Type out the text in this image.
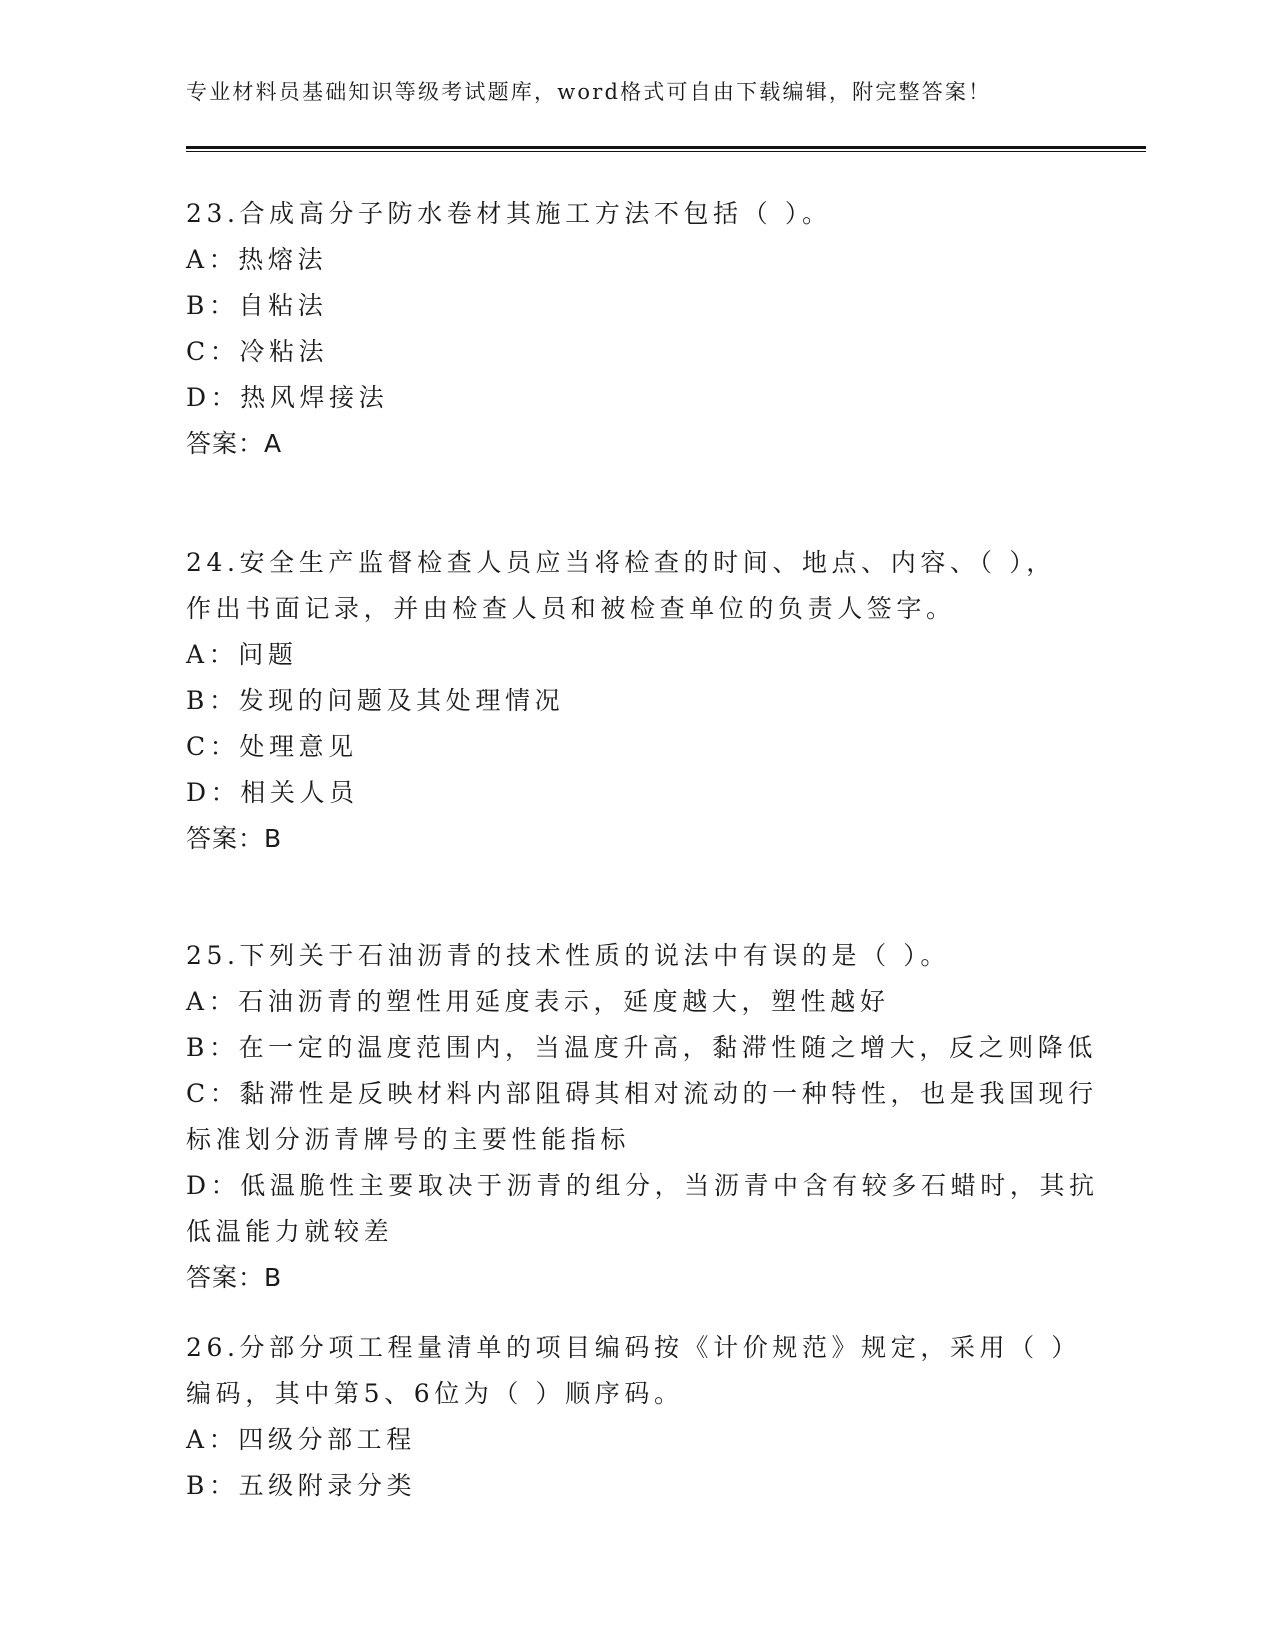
专业材料员基础知识等级考试题库，word格式可自由下载编辑，附完整答案！
23.合成高分子防水卷材其施工方法不包括（ ）。
A：热熔法
B：自粘法
C：冷粘法
D：热风焊接法
答案：A
24.安全生产监督检查人员应当将检查的时间、地点、内容、（ ），
作出书面记录，并由检查人员和被检查单位的负责人签字。
A：问题
B：发现的问题及其处理情况
C：处理意见
D：相关人员
答案：B
25.下列关于石油沥青的技术性质的说法中有误的是（ ）。
A：石油沥青的塑性用延度表示，延度越大，塑性越好
B：在一定的温度范围内，当温度升高，黏滞性随之增大，反之则降低
C：黏滞性是反映材料内部阻碍其相对流动的一种特性，也是我国现行
标准划分沥青牌号的主要性能指标
D：低温脆性主要取决于沥青的组分，当沥青中含有较多石蜡时，其抗
低温能力就较差
答案：B
26.分部分项工程量清单的项目编码按《计价规范》规定，采用（ ）
编码，其中第5、6位为（ ）顺序码。
A：四级分部工程
B：五级附录分类
